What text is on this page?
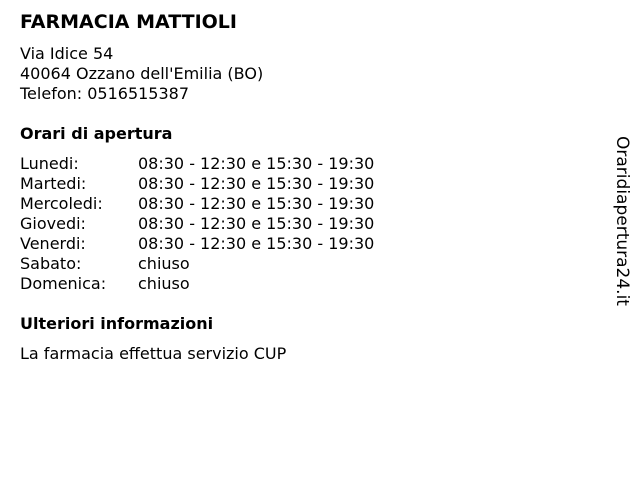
FARMACIA MATTIOLI
Via Idice 54
40064 Ozzano dell'Emilia (BO)
Telefon: 0516515387
Orari di apertura
Lunedi:	08:30 - 12:30 e 15:30 - 19:30
Martedi:	08:30 - 12:30 e 15:30 - 19:30
Mercoledi: 08:30 - 12:30 e 15:30 - 19:30
Giovedi:	08:30 - 12:30 e 15:30 - 19:30
Venerdi:	08:30 - 12:30 e 15:30 - 19:30
Sabato:	chiuso
Domenica: chiuso
Ulteriori informazioni
La farmacia effettua servizio CUP
Oraridiapertura24.it
